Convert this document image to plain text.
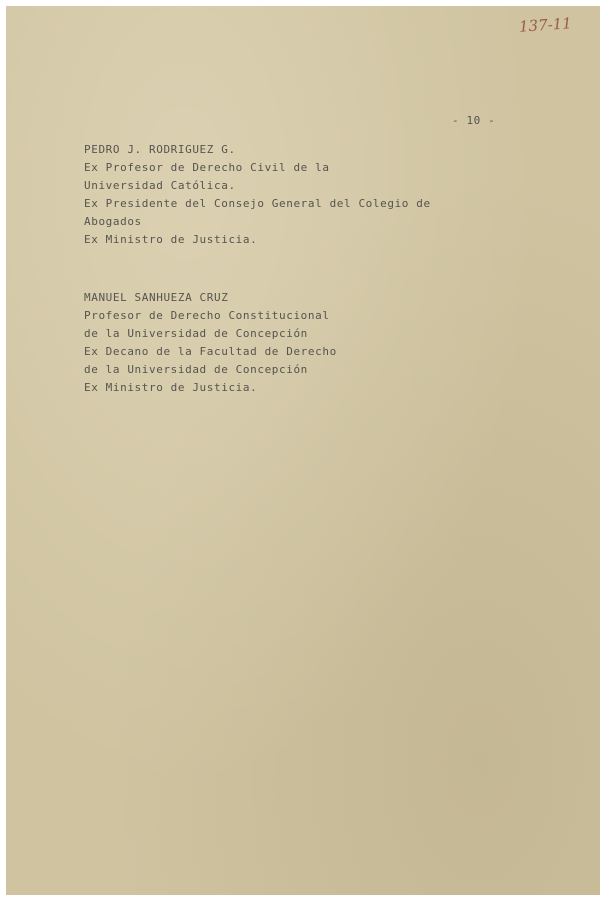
137-11
- 10 -
PEDRO J. RODRIGUEZ G.
Ex Profesor de Derecho Civil de la
Universidad Católica.
Ex Presidente del Consejo General del Colegio de
Abogados
Ex Ministro de Justicia.
MANUEL SANHUEZA CRUZ
Profesor de Derecho Constitucional
de la Universidad de Concepción
Ex Decano de la Facultad de Derecho
de la Universidad de Concepción
Ex Ministro de Justicia.
